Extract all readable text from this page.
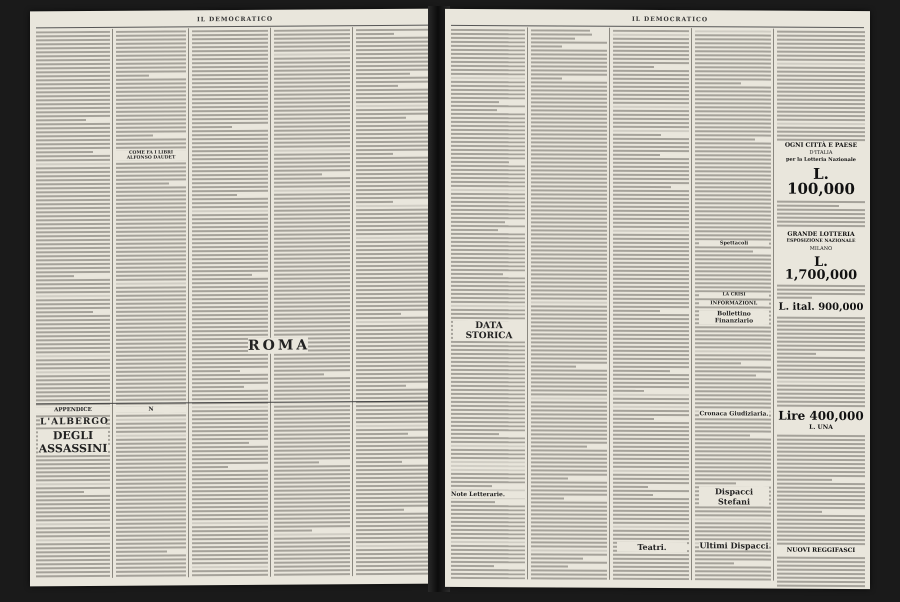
IL DEMOCRATICO
APPENDICE	N
L'ALBERGO
DEGLI ASSASSINI
ROMA
COME FA I LIBRI ALFONSO DAUDET
IL DEMOCRATICO
DATA STORICA
Note Letterarie.
Teatri.
Bollettino Finanziario
Cronaca Giudiziaria.
Dispacci Stefani
Ultimi Dispacci
INFORMAZIONI.
Spettacoli
LA CRISI
OGNI CITTÀ E PAESE
D'ITALIA
per la Lotteria Nazionale
L. 100,000
GRANDE LOTTERIA
ESPOSIZIONE NAZIONALE
MILANO
L. 1,700,000
L. ital. 900,000
Lire 400,000
L. UNA
NUOVI REGGIFASCI
